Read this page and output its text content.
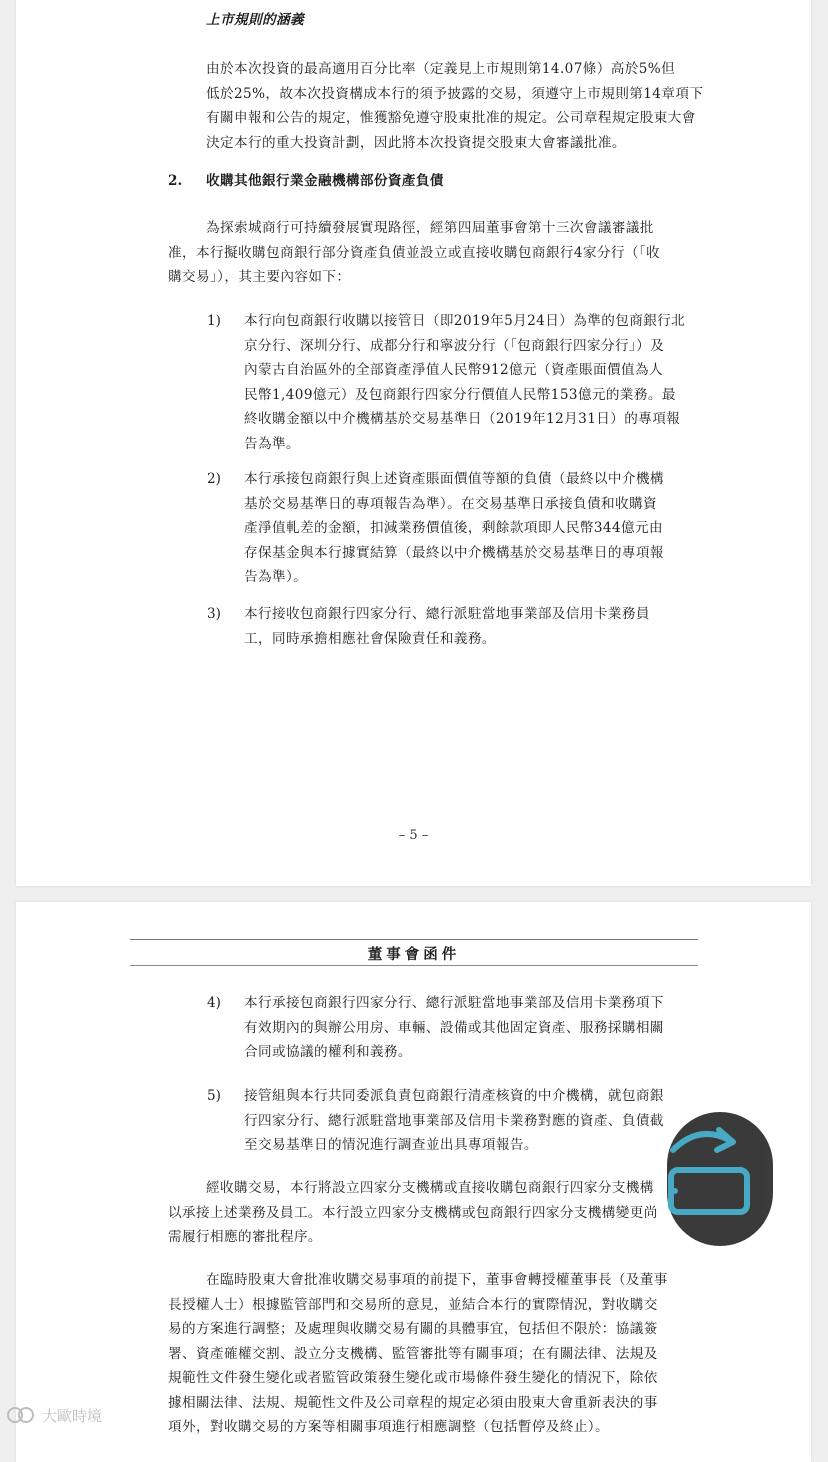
上市規則的涵義

由於本次投資的最高適用百分比率（定義見上市規則第14.07條）高於5%但
低於25%，故本次投資構成本行的須予披露的交易，須遵守上市規則第14章項下
有關申報和公告的規定，惟獲豁免遵守股東批准的規定。公司章程規定股東大會
決定本行的重大投資計劃，因此將本次投資提交股東大會審議批准。

2. 收購其他銀行業金融機構部份資產負債

為探索城商行可持續發展實現路徑，經第四屆董事會第十三次會議審議批
准，本行擬收購包商銀行部分資產負債並設立或直接收購包商銀行4家分行（「收
購交易」），其主要內容如下：

1) 本行向包商銀行收購以接管日（即2019年5月24日）為準的包商銀行北
京分行、深圳分行、成都分行和寧波分行（「包商銀行四家分行」）及
內蒙古自治區外的全部資產淨值人民幣912億元（資產賬面價值為人
民幣1,409億元）及包商銀行四家分行價值人民幣153億元的業務。最
終收購金額以中介機構基於交易基準日（2019年12月31日）的專項報
告為準。

2) 本行承接包商銀行與上述資產賬面價值等額的負債（最終以中介機構
基於交易基準日的專項報告為準）。在交易基準日承接負債和收購資
產淨值軋差的金額，扣減業務價值後，剩餘款項即人民幣344億元由
存保基金與本行據實結算（最終以中介機構基於交易基準日的專項報
告為準）。

3) 本行接收包商銀行四家分行、總行派駐當地事業部及信用卡業務員
工，同時承擔相應社會保險責任和義務。

– 5 –
董事會函件
4) 本行承接包商銀行四家分行、總行派駐當地事業部及信用卡業務項下
有效期內的與辦公用房、車輛、設備或其他固定資產、服務採購相關
合同或協議的權利和義務。

5) 接管組與本行共同委派負責包商銀行清產核資的中介機構，就包商銀
行四家分行、總行派駐當地事業部及信用卡業務對應的資產、負債截
至交易基準日的情況進行調查並出具專項報告。

經收購交易，本行將設立四家分支機構或直接收購包商銀行四家分支機構
以承接上述業務及員工。本行設立四家分支機構或包商銀行四家分支機構變更尚
需履行相應的審批程序。

在臨時股東大會批准收購交易事項的前提下，董事會轉授權董事長（及董事
長授權人士）根據監管部門和交易所的意見，並結合本行的實際情況，對收購交
易的方案進行調整；及處理與收購交易有關的具體事宜，包括但不限於：協議簽
署、資產確權交割、設立分支機構、監管審批等有關事項；在有關法律、法規及
規範性文件發生變化或者監管政策發生變化或市場條件發生變化的情況下，除依
據相關法律、法規、規範性文件及公司章程的規定必須由股東大會重新表決的事
項外，對收購交易的方案等相關事項進行相應調整（包括暫停及終止）。

大歐時境
